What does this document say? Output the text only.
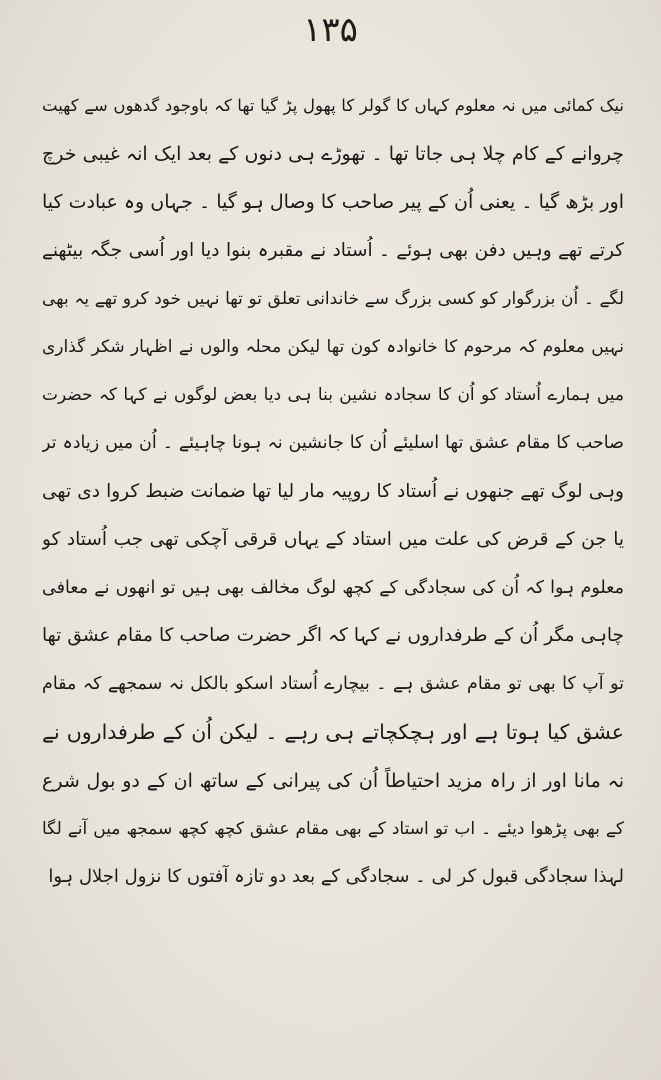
۱۳۵
نیک کمائی میں نہ معلوم کہاں کا گولر کا پھول پڑ گیا تھا کہ باوجود گدھوں سے کھیت
چروانے کے کام چلا ہی جاتا تھا ۔ تھوڑے ہی دنوں کے بعد ایک انہ غیبی خرچ
اور بڑھ گیا ۔ یعنی اُن کے پیر صاحب کا وصال ہو گیا ۔ جہاں وہ عبادت کیا
کرتے تھے وہیں دفن بھی ہوئے ۔ اُستاد نے مقبرہ بنوا دیا اور اُسی جگہ بیٹھنے
لگے ۔ اُن بزرگوار کو کسی بزرگ سے خاندانی تعلق تو تھا نہیں خود کرو تھے یہ بھی
نہیں معلوم کہ مرحوم کا خانوادہ کون تھا لیکن محلہ والوں نے اظہار شکر گذاری
میں ہمارے اُستاد کو اُن کا سجادہ نشین بنا ہی دیا بعض لوگوں نے کہا کہ حضرت
صاحب کا مقام عشق تھا اسلیئے اُن کا جانشین نہ ہونا چاہیئے ۔ اُن میں زیادہ تر
وہی لوگ تھے جنھوں نے اُستاد کا روپیہ مار لیا تھا ضمانت ضبط کروا دی تھی
یا جن کے قرض کی علت میں استاد کے یہاں قرقی آچکی تھی جب اُستاد کو
معلوم ہوا کہ اُن کی سجادگی کے کچھ لوگ مخالف بھی ہیں تو انھوں نے معافی
چاہی مگر اُن کے طرفداروں نے کہا کہ اگر حضرت صاحب کا مقام عشق تھا
تو آپ کا بھی تو مقام عشق ہے ۔ بیچارے اُستاد اسکو بالکل نہ سمجھے کہ مقام
عشق کیا ہوتا ہے اور ہچکچاتے ہی رہے ۔ لیکن اُن کے طرفداروں نے
نہ مانا اور از راہ مزید احتیاطاً اُن کی پیرانی کے ساتھ ان کے دو بول شرع
کے بھی پڑھوا دیئے ۔ اب تو استاد کے بھی مقام عشق کچھ کچھ سمجھ میں آنے لگا
لہذا سجادگی قبول کر لی ۔ سجادگی کے بعد دو تازہ آفتوں کا نزول اجلال ہوا
